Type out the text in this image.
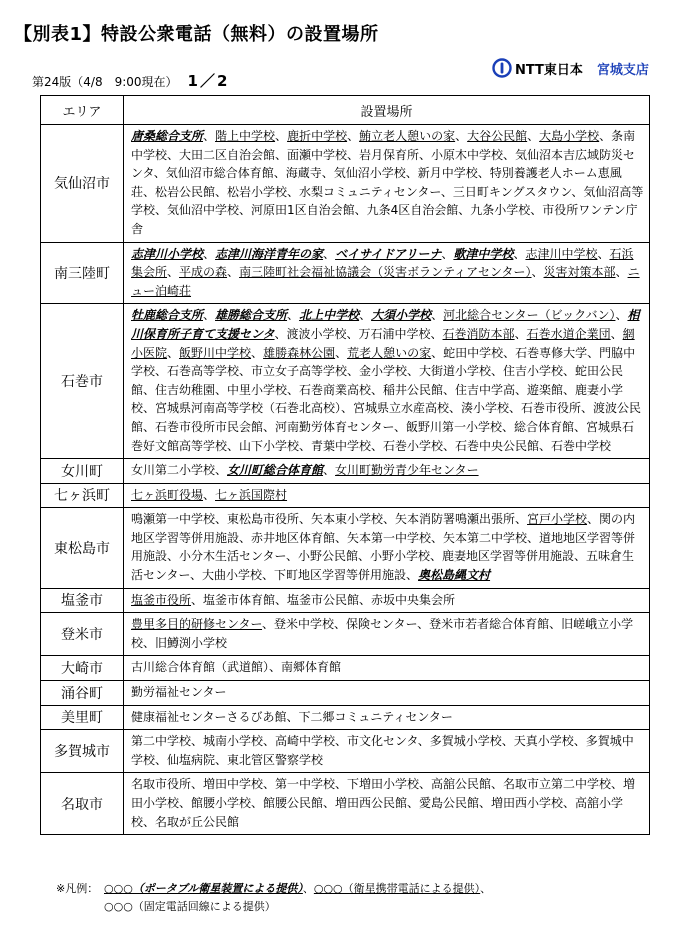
【別表1】特設公衆電話（無料）の設置場所
NTT東日本 宮城支店
第24版（4/8　9:00現在） 1／2
エリア	設置場所
気仙沼市	唐桑総合支所、階上中学校、鹿折中学校、鮪立老人憩いの家、大谷公民館、大島小学校、条南中学校、大田二区自治会館、面瀬中学校、岩月保育所、小原木中学校、気仙沼本吉広域防災センタ、気仙沼市総合体育館、海蔵寺、気仙沼小学校、新月中学校、特別養護老人ホーム恵風荘、松岩公民館、松岩小学校、水梨コミュニティセンター、三日町キングスタウン、気仙沼高等学校、気仙沼中学校、河原田1区自治会館、九条4区自治会館、九条小学校、市役所ワンテン庁舎
南三陸町	志津川小学校、志津川海洋青年の家、ベイサイドアリーナ、歌津中学校、志津川中学校、石浜集会所、平成の森、南三陸町社会福祉協議会（災害ボランティアセンター）、災害対策本部、ニュー泊崎荘
石巻市	牡鹿総合支所、雄勝総合支所、北上中学校、大須小学校、河北総合センター（ビックバン）、相川保育所子育て支援センタ、渡波小学校、万石浦中学校、石巻消防本部、石巻水道企業団、網小医院、飯野川中学校、雄勝森林公園、荒老人憩いの家、蛇田中学校、石巻専修大学、門脇中学校、石巻高等学校、市立女子高等学校、金小学校、大街道小学校、住吉小学校、蛇田公民館、住吉幼稚園、中里小学校、石巻商業高校、稲井公民館、住吉中学高、遊楽館、鹿妻小学校、宮城県河南高等学校（石巻北高校）、宮城県立水産高校、湊小学校、石巻市役所、渡波公民館、石巻市役所市民会館、河南勤労体育センター、飯野川第一小学校、総合体育館、宮城県石巻好文館高等学校、山下小学校、青葉中学校、石巻小学校、石巻中央公民館、石巻中学校
女川町	女川第二小学校、女川町総合体育館、女川町勤労青少年センター
七ヶ浜町	七ヶ浜町役場、七ヶ浜国際村
東松島市	鳴瀬第一中学校、東松島市役所、矢本東小学校、矢本消防署鳴瀬出張所、宮戸小学校、関の内地区学習等併用施設、赤井地区体育館、矢本第一中学校、矢本第二中学校、道地地区学習等併用施設、小分木生活センター、小野公民館、小野小学校、鹿妻地区学習等併用施設、五味倉生活センター、大曲小学校、下町地区学習等併用施設、奥松島縄文村
塩釜市	塩釜市役所、塩釜市体育館、塩釜市公民館、赤坂中央集会所
登米市	豊里多目的研修センター、登米中学校、保険センター、登米市若者総合体育館、旧嵯峨立小学校、旧鱒渕小学校
大崎市	古川総合体育館（武道館）、南郷体育館
涌谷町	勤労福祉センター
美里町	健康福祉センターさるびあ館、下二郷コミュニティセンター
多賀城市	第二中学校、城南小学校、高崎中学校、市文化センタ、多賀城小学校、天真小学校、多賀城中学校、仙塩病院、東北管区警察学校
名取市	名取市役所、増田中学校、第一中学校、下増田小学校、高舘公民館、名取市立第二中学校、増田小学校、館腰小学校、館腰公民館、増田西公民館、愛島公民館、増田西小学校、高舘小学校、名取が丘公民館
※凡例： ○○○（ポータブル衛星装置による提供）、○○○（衛星携帯電話による提供）、
○○○（固定電話回線による提供）
